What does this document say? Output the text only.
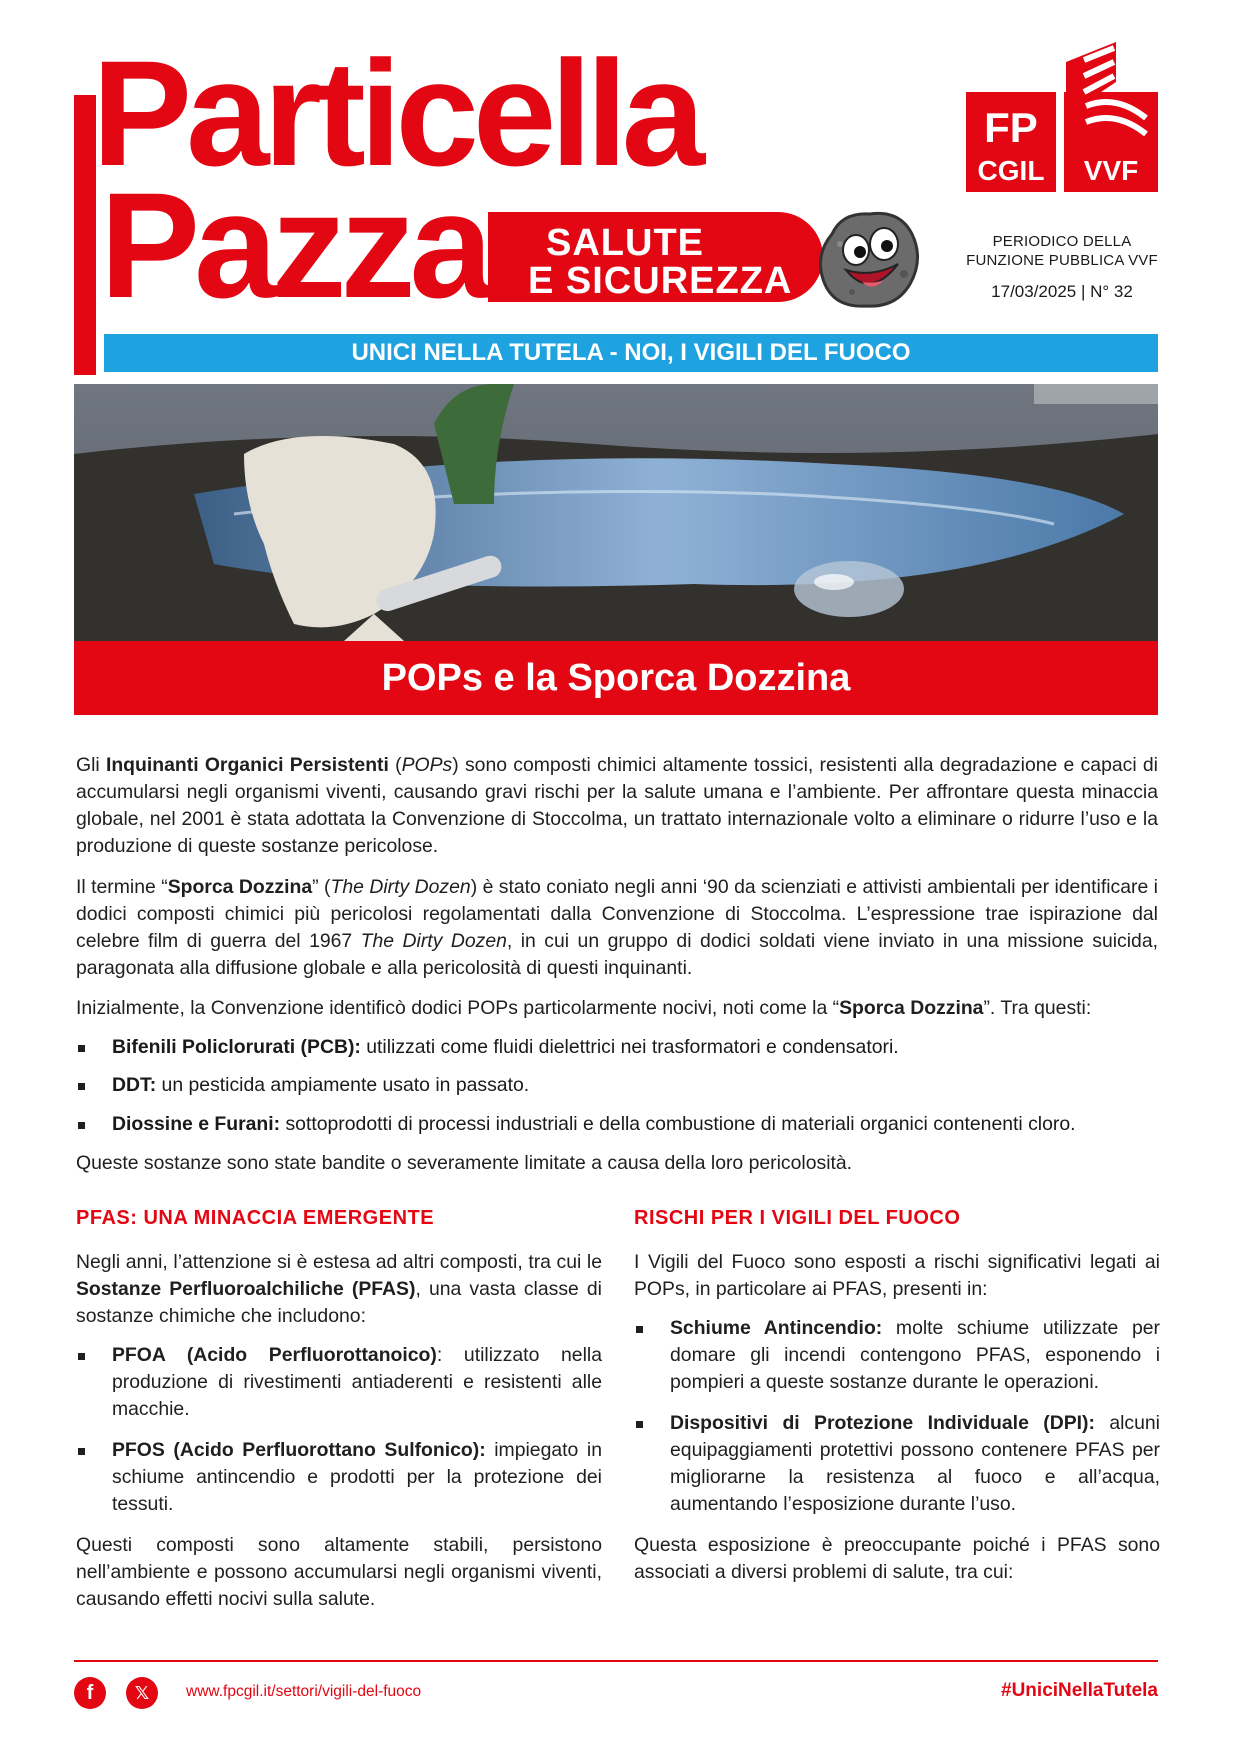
Particella
Pazza SALUTE
E SICUREZZA
FP
CGIL VVF
PERIODICO DELLA FUNZIONE PUBBLICA VVF
17/03/2025 | N° 32
UNICI NELLA TUTELA - NOI, I VIGILI DEL FUOCO
POPs e la Sporca Dozzina

Gli Inquinanti Organici Persistenti (POPs) sono composti chimici altamente tossici, resistenti alla degradazione e capaci di accumularsi negli organismi viventi, causando gravi rischi per la salute umana e l’ambiente. Per affrontare questa minaccia globale, nel 2001 è stata adottata la Convenzione di Stoccolma, un trattato internazionale volto a eliminare o ridurre l’uso e la produzione di queste sostanze pericolose.

Il termine “Sporca Dozzina” (The Dirty Dozen) è stato coniato negli anni ‘90 da scienziati e attivisti ambientali per identificare i dodici composti chimici più pericolosi regolamentati dalla Convenzione di Stoccolma. L’espressione trae ispirazione dal celebre film di guerra del 1967 The Dirty Dozen, in cui un gruppo di dodici soldati viene inviato in una missione suicida, paragonata alla diffusione globale e alla pericolosità di questi inquinanti.

Inizialmente, la Convenzione identificò dodici POPs particolarmente nocivi, noti come la “Sporca Dozzina”. Tra questi:

Bifenili Policlorurati (PCB): utilizzati come fluidi dielettrici nei trasformatori e condensatori.
DDT: un pesticida ampiamente usato in passato.
Diossine e Furani: sottoprodotti di processi industriali e della combustione di materiali organici contenenti cloro.

Queste sostanze sono state bandite o severamente limitate a causa della loro pericolosità.

PFAS: UNA MINACCIA EMERGENTE

Negli anni, l’attenzione si è estesa ad altri composti, tra cui le Sostanze Perfluoroalchiliche (PFAS), una vasta classe di sostanze chimiche che includono:

PFOA (Acido Perfluorottanoico): utilizzato nella produzione di rivestimenti antiaderenti e resistenti alle macchie.
PFOS (Acido Perfluorottano Sulfonico): impiegato in schiume antincendio e prodotti per la protezione dei tessuti.

Questi composti sono altamente stabili, persistono nell’ambiente e possono accumularsi negli organismi viventi, causando effetti nocivi sulla salute.

RISCHI PER I VIGILI DEL FUOCO

I Vigili del Fuoco sono esposti a rischi significativi legati ai POPs, in particolare ai PFAS, presenti in:

Schiume Antincendio: molte schiume utilizzate per domare gli incendi contengono PFAS, esponendo i pompieri a queste sostanze durante le operazioni.
Dispositivi di Protezione Individuale (DPI): alcuni equipaggiamenti protettivi possono contenere PFAS per migliorarne la resistenza al fuoco e all’acqua, aumentando l’esposizione durante l’uso.

Questa esposizione è preoccupante poiché i PFAS sono associati a diversi problemi di salute, tra cui:

f	𝕏	www.fpcgil.it/settori/vigili-del-fuoco	#UniciNellaTutela
